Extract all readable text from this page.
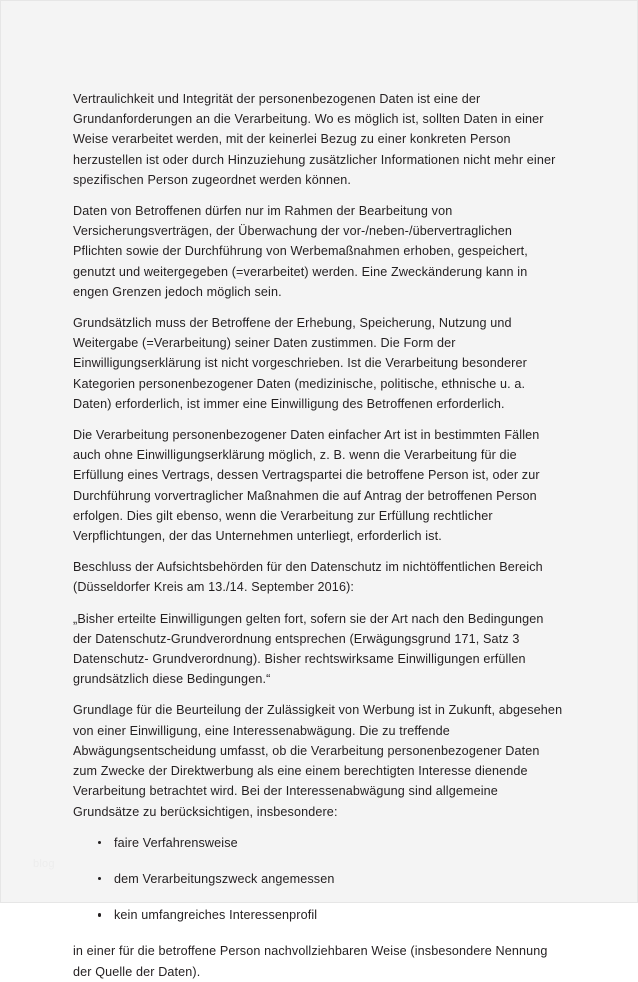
Vertraulichkeit und Integrität der personenbezogenen Daten ist eine der Grundanforderungen an die Verarbeitung. Wo es möglich ist, sollten Daten in einer Weise verarbeitet werden, mit der keinerlei Bezug zu einer konkreten Person herzustellen ist oder durch Hinzuziehung zusätzlicher Informationen nicht mehr einer spezifischen Person zugeordnet werden können.

Daten von Betroffenen dürfen nur im Rahmen der Bearbeitung von Versicherungsverträgen, der Überwachung der vor-/neben-/übervertraglichen Pflichten sowie der Durchführung von Werbemaßnahmen erhoben, gespeichert, genutzt und weitergegeben (=verarbeitet) werden. Eine Zweckänderung kann in engen Grenzen jedoch möglich sein.

Grundsätzlich muss der Betroffene der Erhebung, Speicherung, Nutzung und Weitergabe (=Verarbeitung) seiner Daten zustimmen. Die Form der Einwilligungserklärung ist nicht vorgeschrieben. Ist die Verarbeitung besonderer Kategorien personenbezogener Daten (medizinische, politische, ethnische u. a. Daten) erforderlich, ist immer eine Einwilligung des Betroffenen erforderlich.

Die Verarbeitung personenbezogener Daten einfacher Art ist in bestimmten Fällen auch ohne Einwilligungserklärung möglich, z. B. wenn die Verarbeitung für die Erfüllung eines Vertrags, dessen Vertragspartei die betroffene Person ist, oder zur Durchführung vorvertraglicher Maßnahmen die auf Antrag der betroffenen Person erfolgen. Dies gilt ebenso, wenn die Verarbeitung zur Erfüllung rechtlicher Verpflichtungen, der das Unternehmen unterliegt, erforderlich ist.

Beschluss der Aufsichtsbehörden für den Datenschutz im nichtöffentlichen Bereich (Düsseldorfer Kreis am 13./14. September 2016):

„Bisher erteilte Einwilligungen gelten fort, sofern sie der Art nach den Bedingungen der Datenschutz-Grundverordnung entsprechen (Erwägungsgrund 171, Satz 3 Datenschutz- Grundverordnung). Bisher rechtswirksame Einwilligungen erfüllen grundsätzlich diese Bedingungen.“

Grundlage für die Beurteilung der Zulässigkeit von Werbung ist in Zukunft, abgesehen von einer Einwilligung, eine Interessenabwägung. Die zu treffende Abwägungsentscheidung umfasst, ob die Verarbeitung personenbezogener Daten zum Zwecke der Direktwerbung als eine einem berechtigten Interesse dienende Verarbeitung betrachtet wird. Bei der Interessenabwägung sind allgemeine Grundsätze zu berücksichtigen, insbesondere:

faire Verfahrensweise
dem Verarbeitungszweck angemessen
kein umfangreiches Interessenprofil

in einer für die betroffene Person nachvollziehbaren Weise (insbesondere Nennung der Quelle der Daten).

blog
